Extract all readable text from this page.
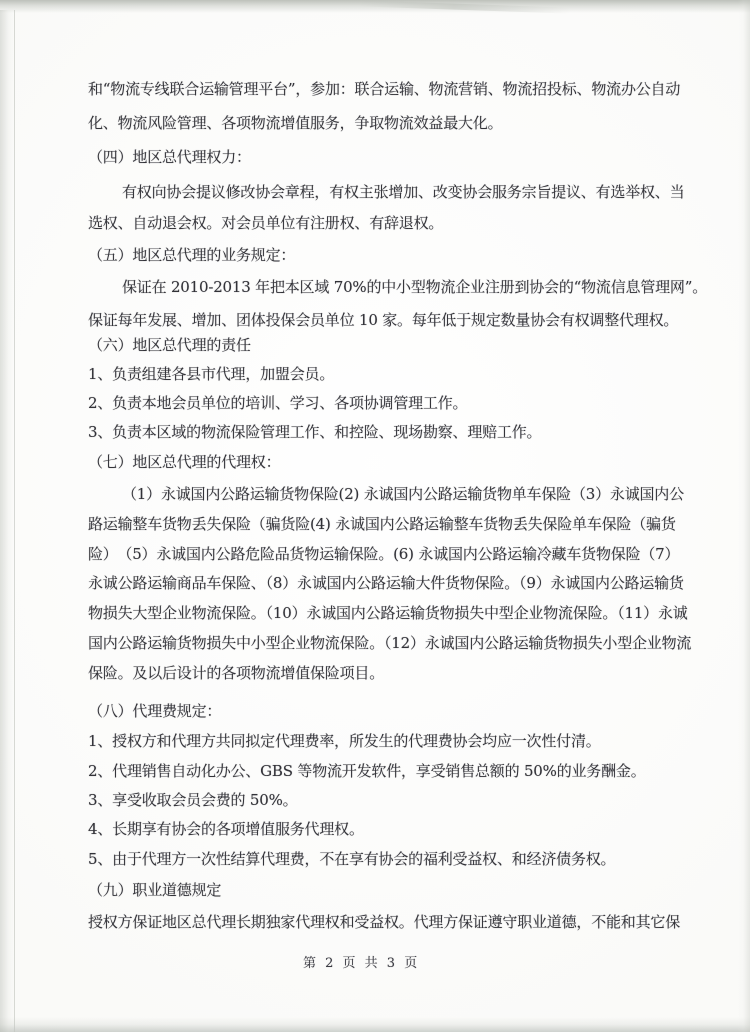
和“物流专线联合运输管理平台”，参加：联合运输、物流营销、物流招投标、物流办公自动
化、物流风险管理、各项物流增值服务，争取物流效益最大化。
（四）地区总代理权力：
有权向协会提议修改协会章程，有权主张增加、改变协会服务宗旨提议、有选举权、当
选权、自动退会权。对会员单位有注册权、有辞退权。
（五）地区总代理的业务规定：
保证在 2010-2013 年把本区域 70%的中小型物流企业注册到协会的“物流信息管理网”。
保证每年发展、增加、团体投保会员单位 10 家。每年低于规定数量协会有权调整代理权。
（六）地区总代理的责任
1、负责组建各县市代理，加盟会员。
2、负责本地会员单位的培训、学习、各项协调管理工作。
3、负责本区域的物流保险管理工作、和控险、现场勘察、理赔工作。
（七）地区总代理的代理权：
（1）永诚国内公路运输货物保险(2) 永诚国内公路运输货物单车保险（3）永诚国内公
路运输整车货物丢失保险（骗货险(4) 永诚国内公路运输整车货物丢失保险单车保险（骗货
险）　（5）永诚国内公路危险品货物运输保险。(6) 永诚国内公路运输冷藏车货物保险（7）
永诚公路运输商品车保险、（8）永诚国内公路运输大件货物保险。（9）永诚国内公路运输货
物损失大型企业物流保险。（10）永诚国内公路运输货物损失中型企业物流保险。（11）永诚
国内公路运输货物损失中小型企业物流保险。（12）永诚国内公路运输货物损失小型企业物流
保险。及以后设计的各项物流增值保险项目。
（八）代理费规定：
1、授权方和代理方共同拟定代理费率，所发生的代理费协会均应一次性付清。
2、代理销售自动化办公、GBS 等物流开发软件，享受销售总额的 50%的业务酬金。
3、享受收取会员会费的 50%。
4、长期享有协会的各项增值服务代理权。
5、由于代理方一次性结算代理费，不在享有协会的福利受益权、和经济债务权。
（九）职业道德规定
授权方保证地区总代理长期独家代理权和受益权。代理方保证遵守职业道德，不能和其它保
第 2 页 共 3 页
